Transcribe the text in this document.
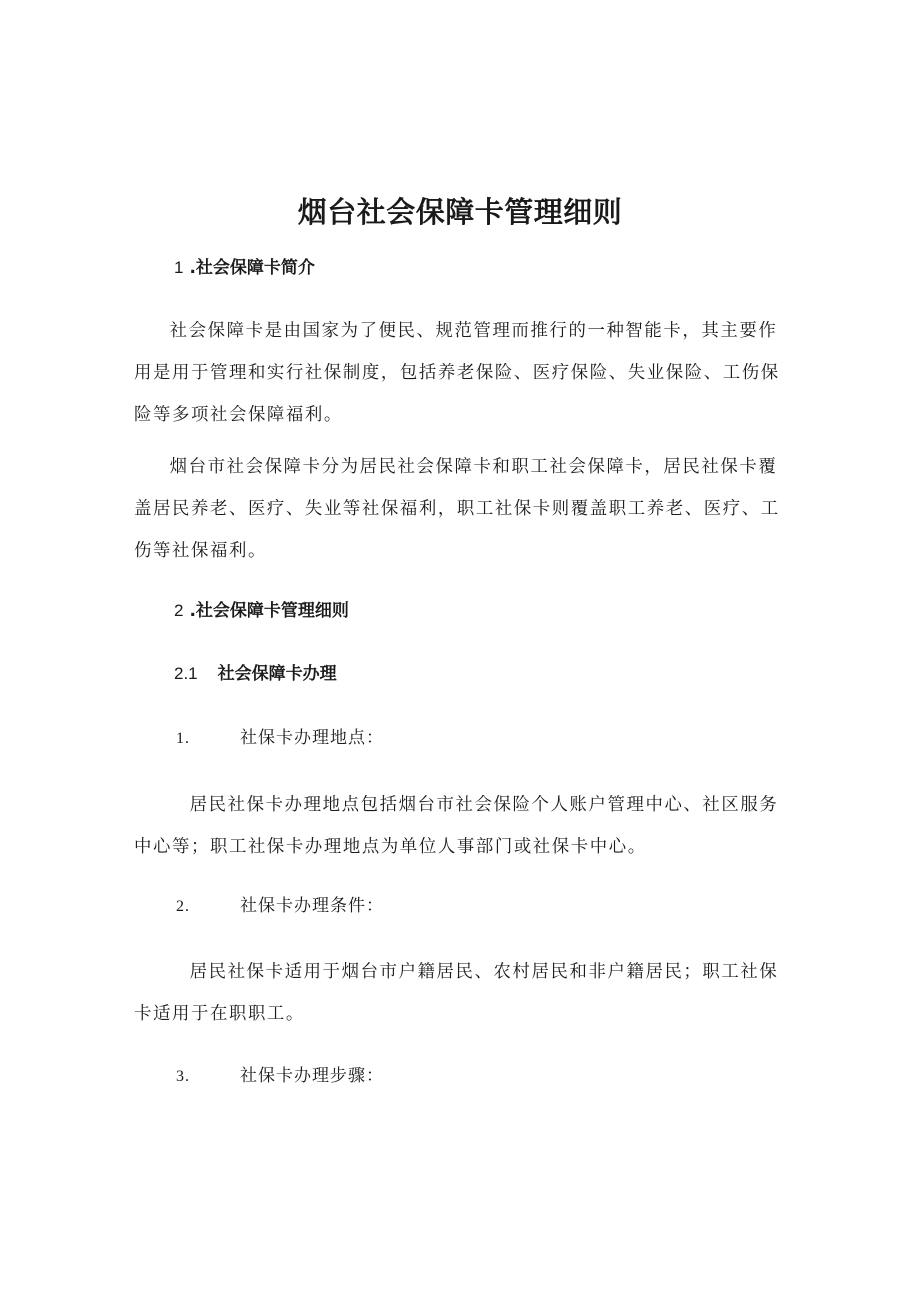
烟台社会保障卡管理细则
1 .社会保障卡简介

社会保障卡是由国家为了便民、规范管理而推行的一种智能卡，其主要作用是用于管理和实行社保制度，包括养老保险、医疗保险、失业保险、工伤保险等多项社会保障福利。

烟台市社会保障卡分为居民社会保障卡和职工社会保障卡，居民社保卡覆盖居民养老、医疗、失业等社保福利，职工社保卡则覆盖职工养老、医疗、工伤等社保福利。

2 .社会保障卡管理细则
2.1 社会保障卡办理
1.	社保卡办理地点：

居民社保卡办理地点包括烟台市社会保险个人账户管理中心、社区服务中心等；职工社保卡办理地点为单位人事部门或社保卡中心。

2.	社保卡办理条件：

居民社保卡适用于烟台市户籍居民、农村居民和非户籍居民；职工社保卡适用于在职职工。

3.	社保卡办理步骤：
